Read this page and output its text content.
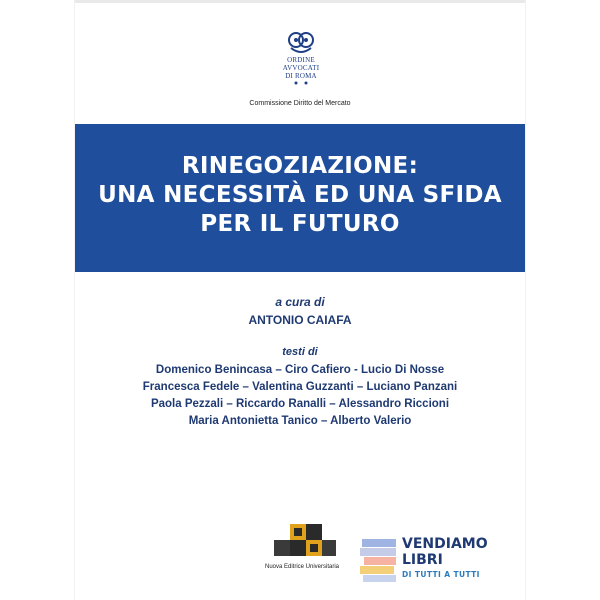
ORDINE
AVVOCATI
DI ROMA
Commissione Diritto del Mercato
RINEGOZIAZIONE:
UNA NECESSITÀ ED UNA SFIDA
PER IL FUTURO
a cura di
ANTONIO CAIAFA
testi di
Domenico Benincasa – Ciro Cafiero - Lucio Di Nosse
Francesca Fedele – Valentina Guzzanti – Luciano Panzani
Paola Pezzali – Riccardo Ranalli – Alessandro Riccioni
Maria Antonietta Tanico – Alberto Valerio
Nuova Editrice Universitaria
VENDIAMO
LIBRI
DI TUTTI A TUTTI
